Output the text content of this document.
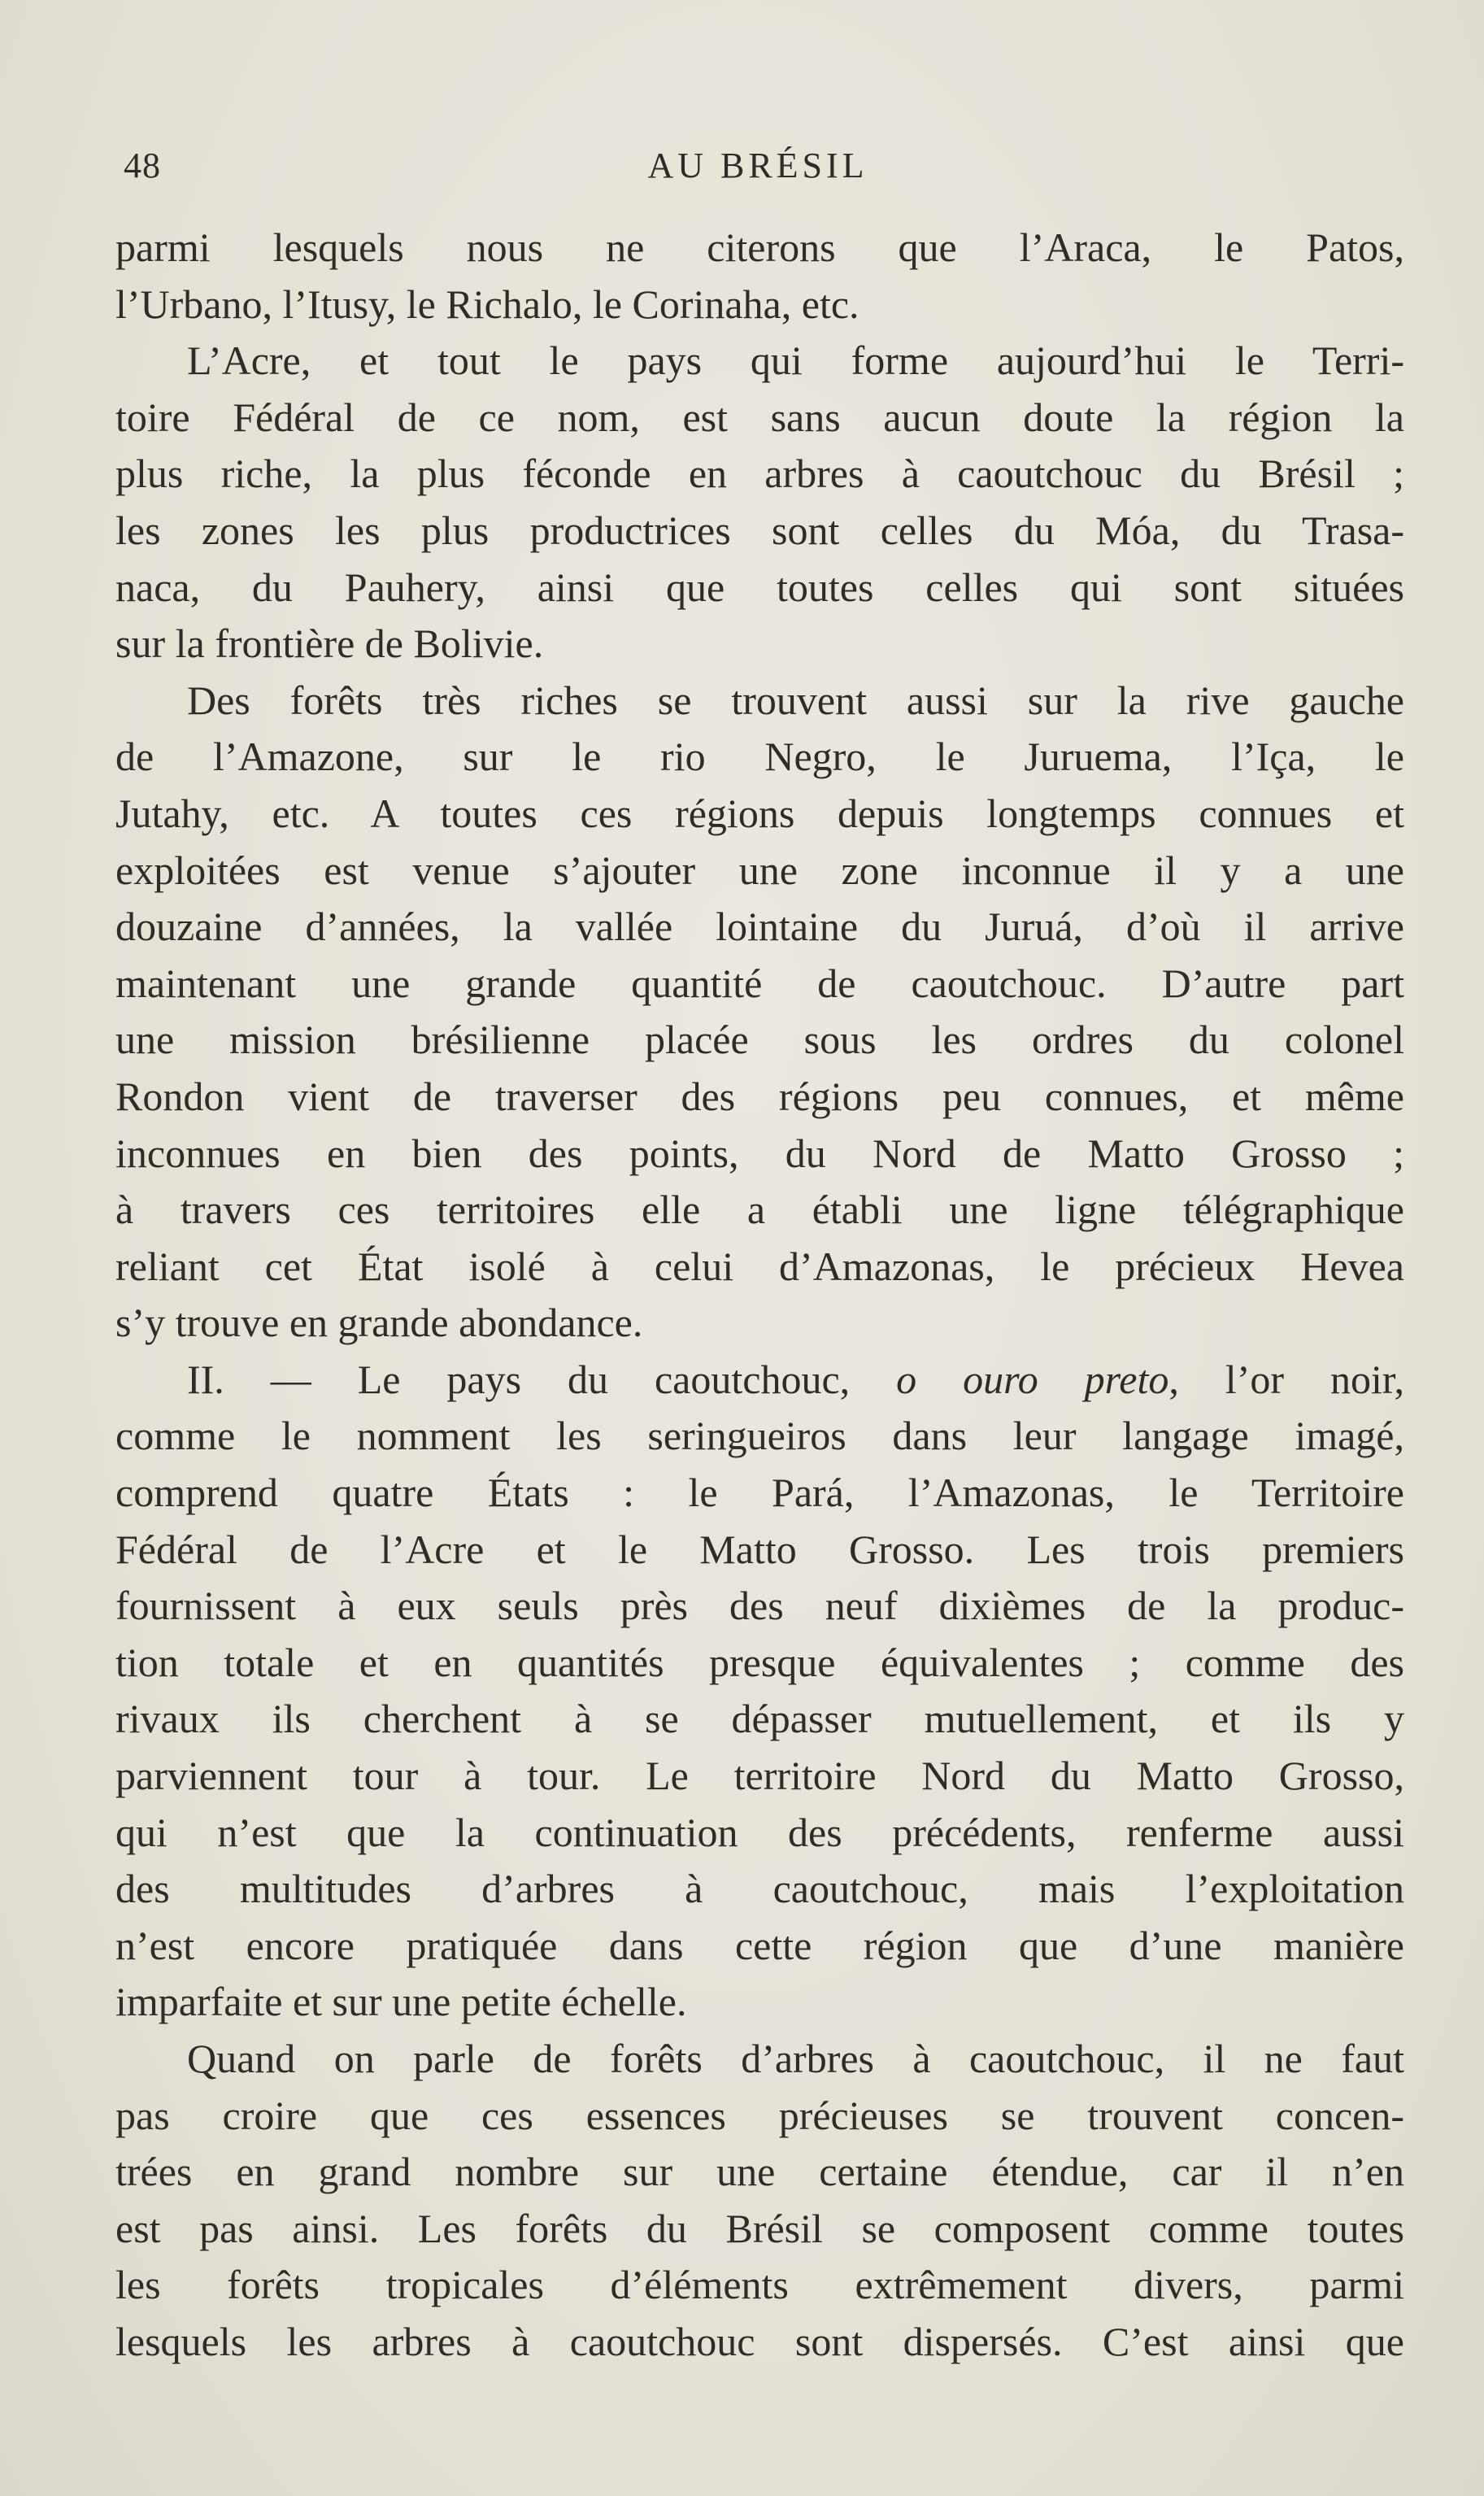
48	AU BRÉSIL
parmi lesquels nous ne citerons que l’Araca, le Patos,
l’Urbano, l’Itusy, le Richalo, le Corinaha, etc.
L’Acre, et tout le pays qui forme aujourd’hui le Terri-
toire Fédéral de ce nom, est sans aucun doute la région la
plus riche, la plus féconde en arbres à caoutchouc du Brésil ;
les zones les plus productrices sont celles du Móa, du Trasa-
naca, du Pauhery, ainsi que toutes celles qui sont situées
sur la frontière de Bolivie.
Des forêts très riches se trouvent aussi sur la rive gauche
de l’Amazone, sur le rio Negro, le Juruema, l’Iça, le
Jutahy, etc. A toutes ces régions depuis longtemps connues et
exploitées est venue s’ajouter une zone inconnue il y a une
douzaine d’années, la vallée lointaine du Juruá, d’où il arrive
maintenant une grande quantité de caoutchouc. D’autre part
une mission brésilienne placée sous les ordres du colonel
Rondon vient de traverser des régions peu connues, et même
inconnues en bien des points, du Nord de Matto Grosso ;
à travers ces territoires elle a établi une ligne télégraphique
reliant cet État isolé à celui d’Amazonas, le précieux Hevea
s’y trouve en grande abondance.
II. — Le pays du caoutchouc, o ouro preto, l’or noir,
comme le nomment les seringueiros dans leur langage imagé,
comprend quatre États : le Pará, l’Amazonas, le Territoire
Fédéral de l’Acre et le Matto Grosso. Les trois premiers
fournissent à eux seuls près des neuf dixièmes de la produc-
tion totale et en quantités presque équivalentes ; comme des
rivaux ils cherchent à se dépasser mutuellement, et ils y
parviennent tour à tour. Le territoire Nord du Matto Grosso,
qui n’est que la continuation des précédents, renferme aussi
des multitudes d’arbres à caoutchouc, mais l’exploitation
n’est encore pratiquée dans cette région que d’une manière
imparfaite et sur une petite échelle.
Quand on parle de forêts d’arbres à caoutchouc, il ne faut
pas croire que ces essences précieuses se trouvent concen-
trées en grand nombre sur une certaine étendue, car il n’en
est pas ainsi. Les forêts du Brésil se composent comme toutes
les forêts tropicales d’éléments extrêmement divers, parmi
lesquels les arbres à caoutchouc sont dispersés. C’est ainsi que
